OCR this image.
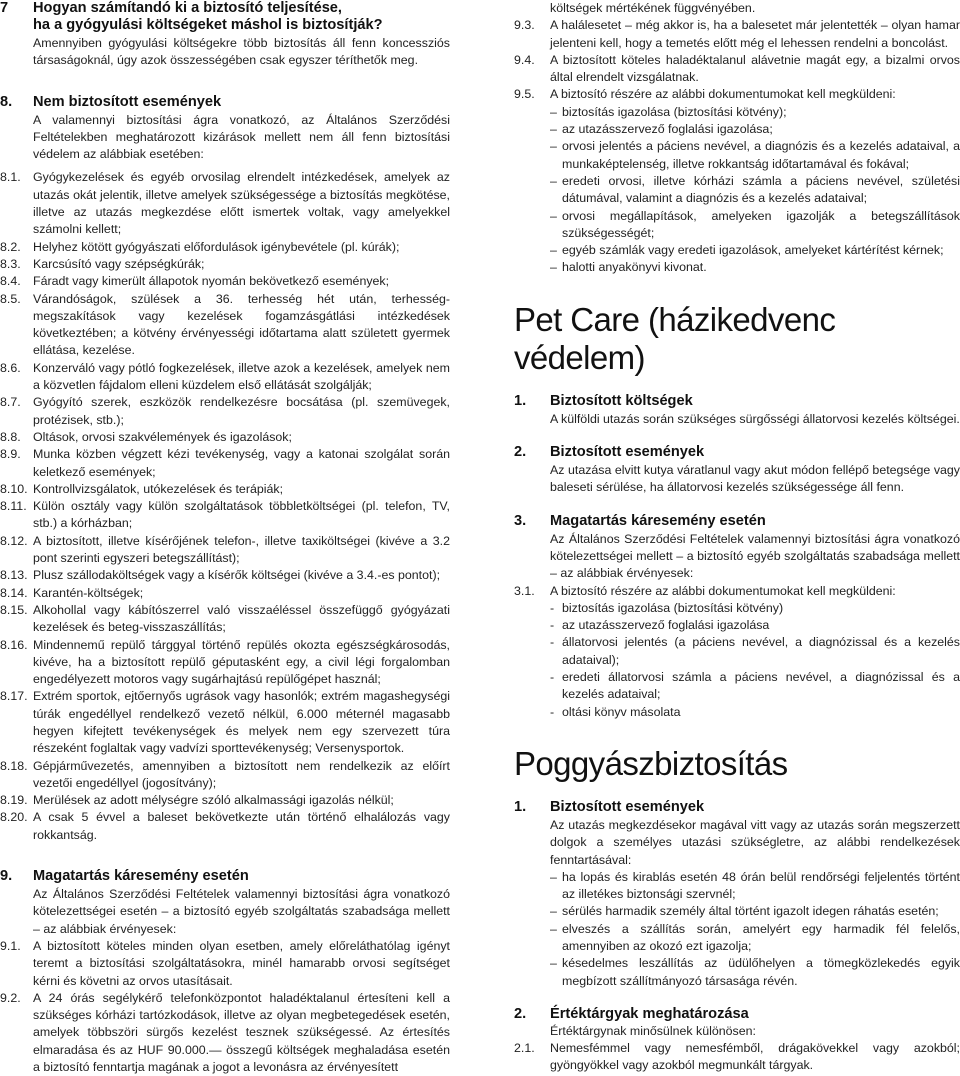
7	Hogyan számítandó ki a biztosító teljesítése,
ha a gyógyulási költségeket máshol is biztosítják?

Amennyiben gyógyulási költségekre több biztosítás áll fenn koncessziós társaságoknál, úgy azok összességében csak egyszer téríthetők meg.

8.	Nem biztosított események

A valamennyi biztosítási ágra vonatkozó, az Általános Szerződési Feltételekben meghatározott kizárások mellett nem áll fenn biztosítási védelem az alábbiak esetében:

8.1. Gyógykezelések és egyéb orvosilag elrendelt intézkedések, amelyek az utazás okát jelentik, illetve amelyek szükségessége a biztosítás megkötése, illetve az utazás megkezdése előtt ismertek voltak, vagy amelyekkel számolni kellett;
8.2. Helyhez kötött gyógyászati előfordulások igénybevétele (pl. kúrák);
8.3. Karcsúsító vagy szépségkúrák;
8.4. Fáradt vagy kimerült állapotok nyomán bekövetkező események;
8.5. Várandóságok, szülések a 36. terhesség hét után, terhesség-megszakítások vagy kezelések fogamzásgátlási intézkedések következtében; a kötvény érvényességi időtartama alatt született gyermek ellátása, kezelése.
8.6. Konzerváló vagy pótló fogkezelések, illetve azok a kezelések, amelyek nem a közvetlen fájdalom elleni küzdelem első ellátását szolgálják;
8.7. Gyógyító szerek, eszközök rendelkezésre bocsátása (pl. szemüvegek, protézisek, stb.);
8.8. Oltások, orvosi szakvélemények és igazolások;
8.9. Munka közben végzett kézi tevékenység, vagy a katonai szolgálat során keletkező események;
8.10. Kontrollvizsgálatok, utókezelések és terápiák;
8.11. Külön osztály vagy külön szolgáltatások többletköltségei (pl. telefon, TV, stb.) a kórházban;
8.12. A biztosított, illetve kísérőjének telefon-, illetve taxiköltségei (kivéve a 3.2 pont szerinti egyszeri betegszállítást);
8.13. Plusz szállodaköltségek vagy a kísérők költségei (kivéve a 3.4.-es pontot);
8.14. Karantén-költségek;
8.15. Alkohollal vagy kábítószerrel való visszaéléssel összefüggő gyógyázati kezelések és beteg-visszaszállítás;
8.16. Mindennemű repülő tárggyal történő repülés okozta egészségkárosodás, kivéve, ha a biztosított repülő géputasként egy, a civil légi forgalomban engedélyezett motoros vagy sugárhajtású repülőgépet használ;
8.17. Extrém sportok, ejtőernyős ugrások vagy hasonlók; extrém magashegységi túrák engedéllyel rendelkező vezető nélkül, 6.000 méternél magasabb hegyen kifejtett tevékenységek és melyek nem egy szervezett túra részeként foglaltak vagy vadvízi sporttevékenység; Versenysportok.
8.18. Gépjárművezetés, amennyiben a biztosított nem rendelkezik az előírt vezetői engedéllyel (jogosítvány);
8.19. Merülések az adott mélységre szóló alkalmassági igazolás nélkül;
8.20. A csak 5 évvel a baleset bekövetkezte után történő elhalálozás vagy rokkantság.
9.	Magatartás káresemény esetén

Az Általános Szerződési Feltételek valamennyi biztosítási ágra vonatkozó kötelezettségei esetén – a biztosító egyéb szolgáltatás szabadsága mellett – az alábbiak érvényesek:

9.1. A biztosított köteles minden olyan esetben, amely előreláthatólag igényt teremt a biztosítási szolgáltatásokra, minél hamarabb orvosi segítséget kérni és követni az orvos utasításait.
9.2. A 24 órás segélykérő telefonközpontot haladéktalanul értesíteni kell a szükséges kórházi tartózkodások, illetve az olyan megbetegedések esetén, amelyek többszöri sürgős kezelést tesznek szükségessé. Az értesítés elmaradása és az HUF 90.000.— összegű költségek meghaladása esetén a biztosító fenntartja magának a jogot a levonásra az érvényesített

költségek mértékének függvényében.

9.3.	A halálesetet – még akkor is, ha a balesetet már jelentették – olyan hamar jelenteni kell, hogy a temetés előtt még el lehessen rendelni a boncolást.
9.4.	A biztosított köteles haladéktalanul alávetnie magát egy, a bizalmi orvos által elrendelt vizsgálatnak.
9.5.	A biztosító részére az alábbi dokumentumokat kell megküldeni:
– biztosítás igazolása (biztosítási kötvény);
– az utazásszervező foglalási igazolása;
– orvosi jelentés a páciens nevével, a diagnózis és a kezelés adataival, a munkaképtelenség, illetve rokkantság időtartamával és fokával;
– eredeti orvosi, illetve kórházi számla a páciens nevével, születési dátumával, valamint a diagnózis és a kezelés adataival;
– orvosi megállapítások, amelyeken igazolják a betegszállítások szükségességét;
– egyéb számlák vagy eredeti igazolások, amelyeket kártérítést kérnek;
– halotti anyakönyvi kivonat.
Pet Care (házikedvenc védelem)
1.	Biztosított költségek

A külföldi utazás során szükséges sürgősségi állatorvosi kezelés költségei.

2.	Biztosított események

Az utazása elvitt kutya váratlanul vagy akut módon fellépő betegsége vagy baleseti sérülése, ha állatorvosi kezelés szükségessége áll fenn.

3.	Magatartás káresemény esetén

Az Általános Szerződési Feltételek valamennyi biztosítási ágra vonatkozó kötelezettségei mellett – a biztosító egyéb szolgáltatás szabadsága mellett – az alábbiak érvényesek:

3.1.	A biztosító részére az alábbi dokumentumokat kell megküldeni:
- biztosítás igazolása (biztosítási kötvény)
- az utazásszervező foglalási igazolása
- állatorvosi jelentés (a páciens nevével, a diagnózissal és a kezelés adataival);
- eredeti állatorvosi számla a páciens nevével, a diagnózissal és a kezelés adataival;
- oltási könyv másolata
Poggyászbiztosítás
1.	Biztosított események

Az utazás megkezdésekor magával vitt vagy az utazás során megszerzett dolgok a személyes utazási szükségletre, az alábbi rendelkezések fenntartásával:

– ha lopás és kirablás esetén 48 órán belül rendőrségi feljelentés történt az illetékes biztonsági szervnél;
– sérülés harmadik személy által történt igazolt idegen ráhatás esetén;
– elveszés a szállítás során, amelyért egy harmadik fél felelős, amennyiben az okozó ezt igazolja;
– késedelmes leszállítás az üdülőhelyen a tömegközlekedés egyik megbízott szállítmányozó társasága révén.
2.	Értéktárgyak meghatározása

Értéktárgynak minősülnek különösen:

2.1.	Nemesfémmel vagy nemesfémből, drágakövekkel vagy azokból; gyöngyökkel vagy azokból megmunkált tárgyak.
